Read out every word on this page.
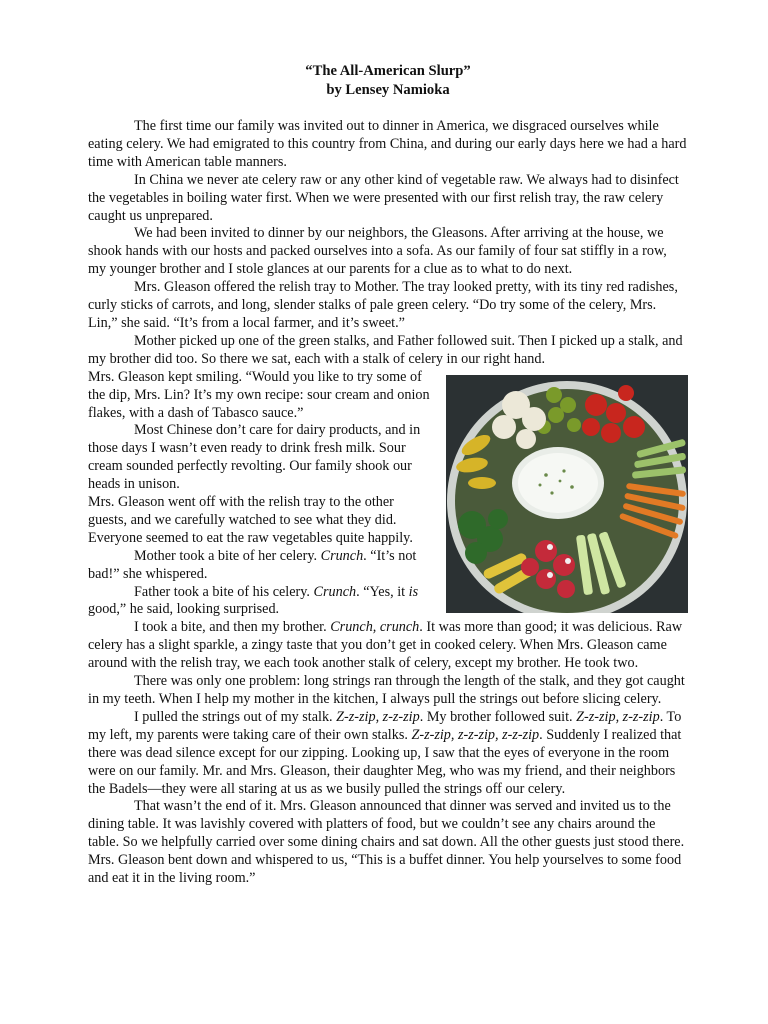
“The All-American Slurp”
by Lensey Namioka

The first time our family was invited out to dinner in America, we disgraced ourselves while eating celery. We had emigrated to this country from China, and during our early days here we had a hard time with American table manners.

In China we never ate celery raw or any other kind of vegetable raw. We always had to disinfect the vegetables in boiling water first. When we were presented with our first relish tray, the raw celery caught us unprepared.

We had been invited to dinner by our neighbors, the Gleasons. After arriving at the house, we shook hands with our hosts and packed ourselves into a sofa. As our family of four sat stiffly in a row, my younger brother and I stole glances at our parents for a clue as to what to do next.

Mrs. Gleason offered the relish tray to Mother. The tray looked pretty, with its tiny red radishes, curly sticks of carrots, and long, slender stalks of pale green celery. “Do try some of the celery, Mrs. Lin,” she said. “It’s from a local farmer, and it’s sweet.”

Mother picked up one of the green stalks, and Father followed suit. Then I picked up a stalk, and my brother did too. So there we sat, each with a stalk of celery in our right hand.

Mrs. Gleason kept smiling. “Would you like to try some of the dip, Mrs. Lin? It’s my own recipe: sour cream and onion flakes, with a dash of Tabasco sauce.”

Most Chinese don’t care for dairy products, and in those days I wasn’t even ready to drink fresh milk. Sour cream sounded perfectly revolting. Our family shook our heads in unison.

Mrs. Gleason went off with the relish tray to the other guests, and we carefully watched to see what they did. Everyone seemed to eat the raw vegetables quite happily.

Mother took a bite of her celery. Crunch. “It’s not bad!” she whispered.

Father took a bite of his celery. Crunch. “Yes, it is good,” he said, looking surprised.

I took a bite, and then my brother. Crunch, crunch. It was more than good; it was delicious. Raw celery has a slight sparkle, a zingy taste that you don’t get in cooked celery. When Mrs. Gleason came around with the relish tray, we each took another stalk of celery, except my brother. He took two.

There was only one problem: long strings ran through the length of the stalk, and they got caught in my teeth. When I help my mother in the kitchen, I always pull the strings out before slicing celery.

I pulled the strings out of my stalk. Z-z-zip, z-z-zip. My brother followed suit. Z-z-zip, z-z-zip. To my left, my parents were taking care of their own stalks. Z-z-zip, z-z-zip, z-z-zip. Suddenly I realized that there was dead silence except for our zipping. Looking up, I saw that the eyes of everyone in the room were on our family. Mr. and Mrs. Gleason, their daughter Meg, who was my friend, and their neighbors the Badels—they were all staring at us as we busily pulled the strings off our celery.

That wasn’t the end of it. Mrs. Gleason announced that dinner was served and invited us to the dining table. It was lavishly covered with platters of food, but we couldn’t see any chairs around the table. So we helpfully carried over some dining chairs and sat down. All the other guests just stood there. Mrs. Gleason bent down and whispered to us, “This is a buffet dinner. You help yourselves to some food and eat it in the living room.”
